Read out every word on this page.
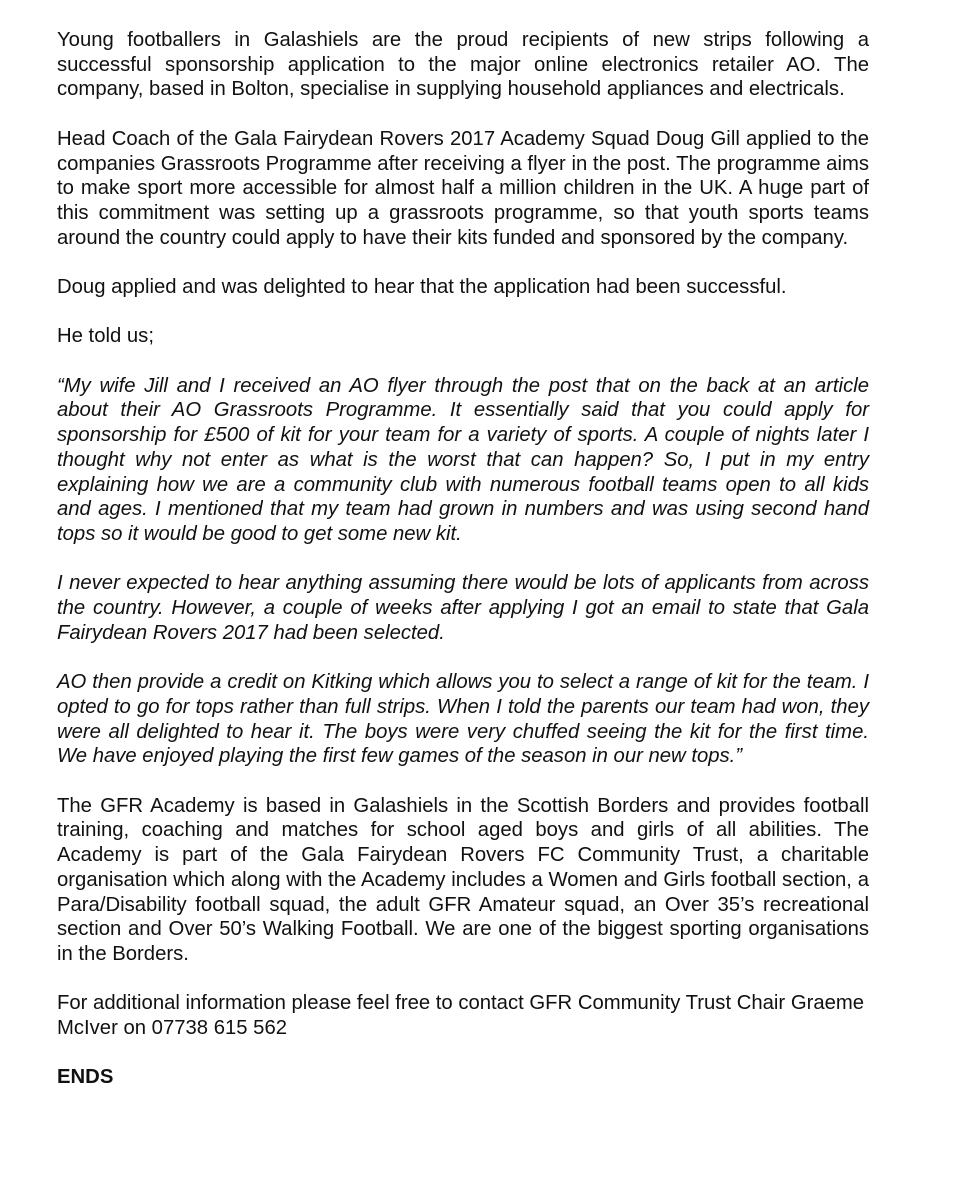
Young footballers in Galashiels are the proud recipients of new strips following a successful sponsorship application to the major online electronics retailer AO. The company, based in Bolton, specialise in supplying household appliances and electricals.

Head Coach of the Gala Fairydean Rovers 2017 Academy Squad Doug Gill applied to the companies Grassroots Programme after receiving a flyer in the post. The programme aims to make sport more accessible for almost half a million children in the UK. A huge part of this commitment was setting up a grassroots programme, so that youth sports teams around the country could apply to have their kits funded and sponsored by the company.

Doug applied and was delighted to hear that the application had been successful.

He told us;

“My wife Jill and I received an AO flyer through the post that on the back at an article about their AO Grassroots Programme. It essentially said that you could apply for sponsorship for £500 of kit for your team for a variety of sports. A couple of nights later I thought why not enter as what is the worst that can happen? So, I put in my entry explaining how we are a community club with numerous football teams open to all kids and ages. I mentioned that my team had grown in numbers and was using second hand tops so it would be good to get some new kit.

I never expected to hear anything assuming there would be lots of applicants from across the country. However, a couple of weeks after applying I got an email to state that Gala Fairydean Rovers 2017 had been selected.

AO then provide a credit on Kitking which allows you to select a range of kit for the team. I opted to go for tops rather than full strips. When I told the parents our team had won, they were all delighted to hear it. The boys were very chuffed seeing the kit for the first time. We have enjoyed playing the first few games of the season in our new tops.”

The GFR Academy is based in Galashiels in the Scottish Borders and provides football training, coaching and matches for school aged boys and girls of all abilities. The Academy is part of the Gala Fairydean Rovers FC Community Trust, a charitable organisation which along with the Academy includes a Women and Girls football section, a Para/Disability football squad, the adult GFR Amateur squad, an Over 35’s recreational section and Over 50’s Walking Football. We are one of the biggest sporting organisations in the Borders.

For additional information please feel free to contact GFR Community Trust Chair Graeme McIver on 07738 615 562

ENDS
